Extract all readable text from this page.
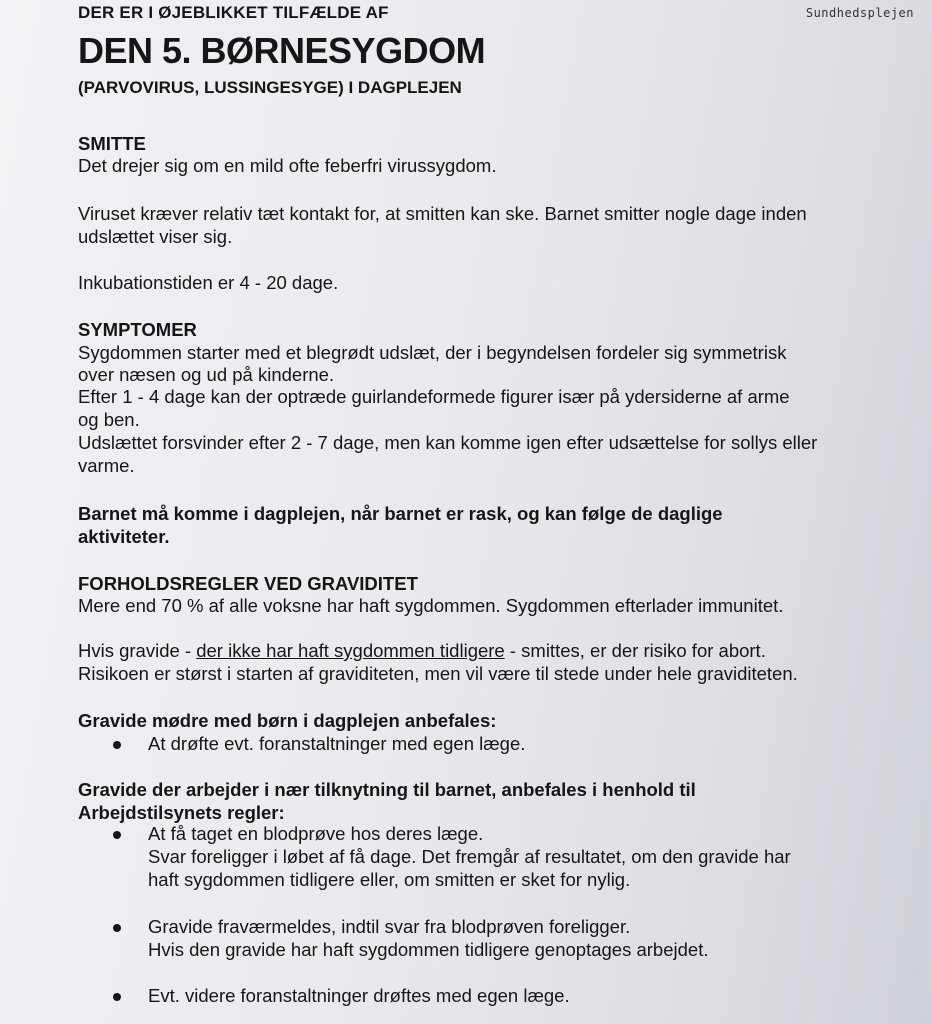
Sundhedsplejen
DER ER I ØJEBLIKKET TILFÆLDE AF
DEN 5. BØRNESYGDOM
(PARVOVIRUS, LUSSINGESYGE) I DAGPLEJEN
SMITTE
Det drejer sig om en mild ofte feberfri virussygdom.
Viruset kræver relativ tæt kontakt for, at smitten kan ske. Barnet smitter nogle dage inden
udslættet viser sig.
Inkubationstiden er 4 - 20 dage.
SYMPTOMER
Sygdommen starter med et blegrødt udslæt, der i begyndelsen fordeler sig symmetrisk
over næsen og ud på kinderne.
Efter 1 - 4 dage kan der optræde guirlandeformede figurer især på ydersiderne af arme
og ben.
Udslættet forsvinder efter 2 - 7 dage, men kan komme igen efter udsættelse for sollys eller
varme.
Barnet må komme i dagplejen, når barnet er rask, og kan følge de daglige
aktiviteter.
FORHOLDSREGLER VED GRAVIDITET
Mere end 70 % af alle voksne har haft sygdommen. Sygdommen efterlader immunitet.
Hvis gravide - der ikke har haft sygdommen tidligere - smittes, er der risiko for abort.
Risikoen er størst i starten af graviditeten, men vil være til stede under hele graviditeten.
Gravide mødre med børn i dagplejen anbefales:
At drøfte evt. foranstaltninger med egen læge.
Gravide der arbejder i nær tilknytning til barnet, anbefales i henhold til
Arbejdstilsynets regler:
At få taget en blodprøve hos deres læge.
Svar foreligger i løbet af få dage. Det fremgår af resultatet, om den gravide har
haft sygdommen tidligere eller, om smitten er sket for nylig.
Gravide fraværmeldes, indtil svar fra blodprøven foreligger.
Hvis den gravide har haft sygdommen tidligere genoptages arbejdet.
Evt. videre foranstaltninger drøftes med egen læge.
